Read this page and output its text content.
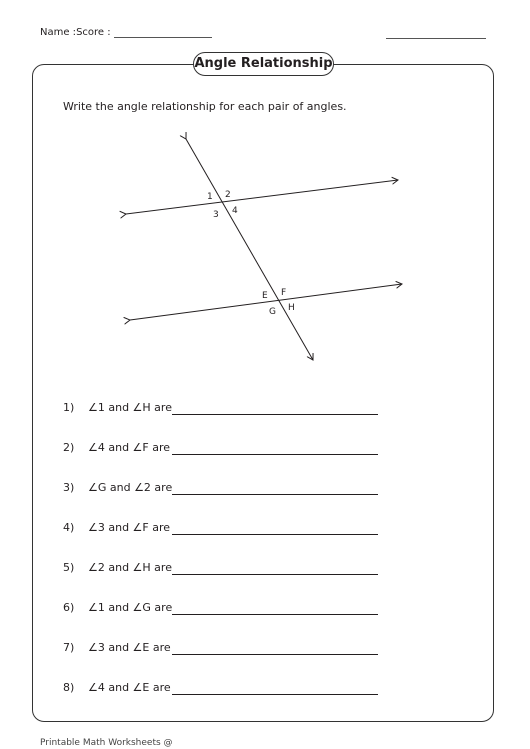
Name :Score :
Angle Relationship
Write the angle relationship for each pair of angles.
1 2
3 4
E F
G H
1) ∠1 and ∠H are
2) ∠4 and ∠F are
3) ∠G and ∠2 are
4) ∠3 and ∠F are
5) ∠2 and ∠H are
6) ∠1 and ∠G are
7) ∠3 and ∠E are
8) ∠4 and ∠E are
Printable Math Worksheets @
